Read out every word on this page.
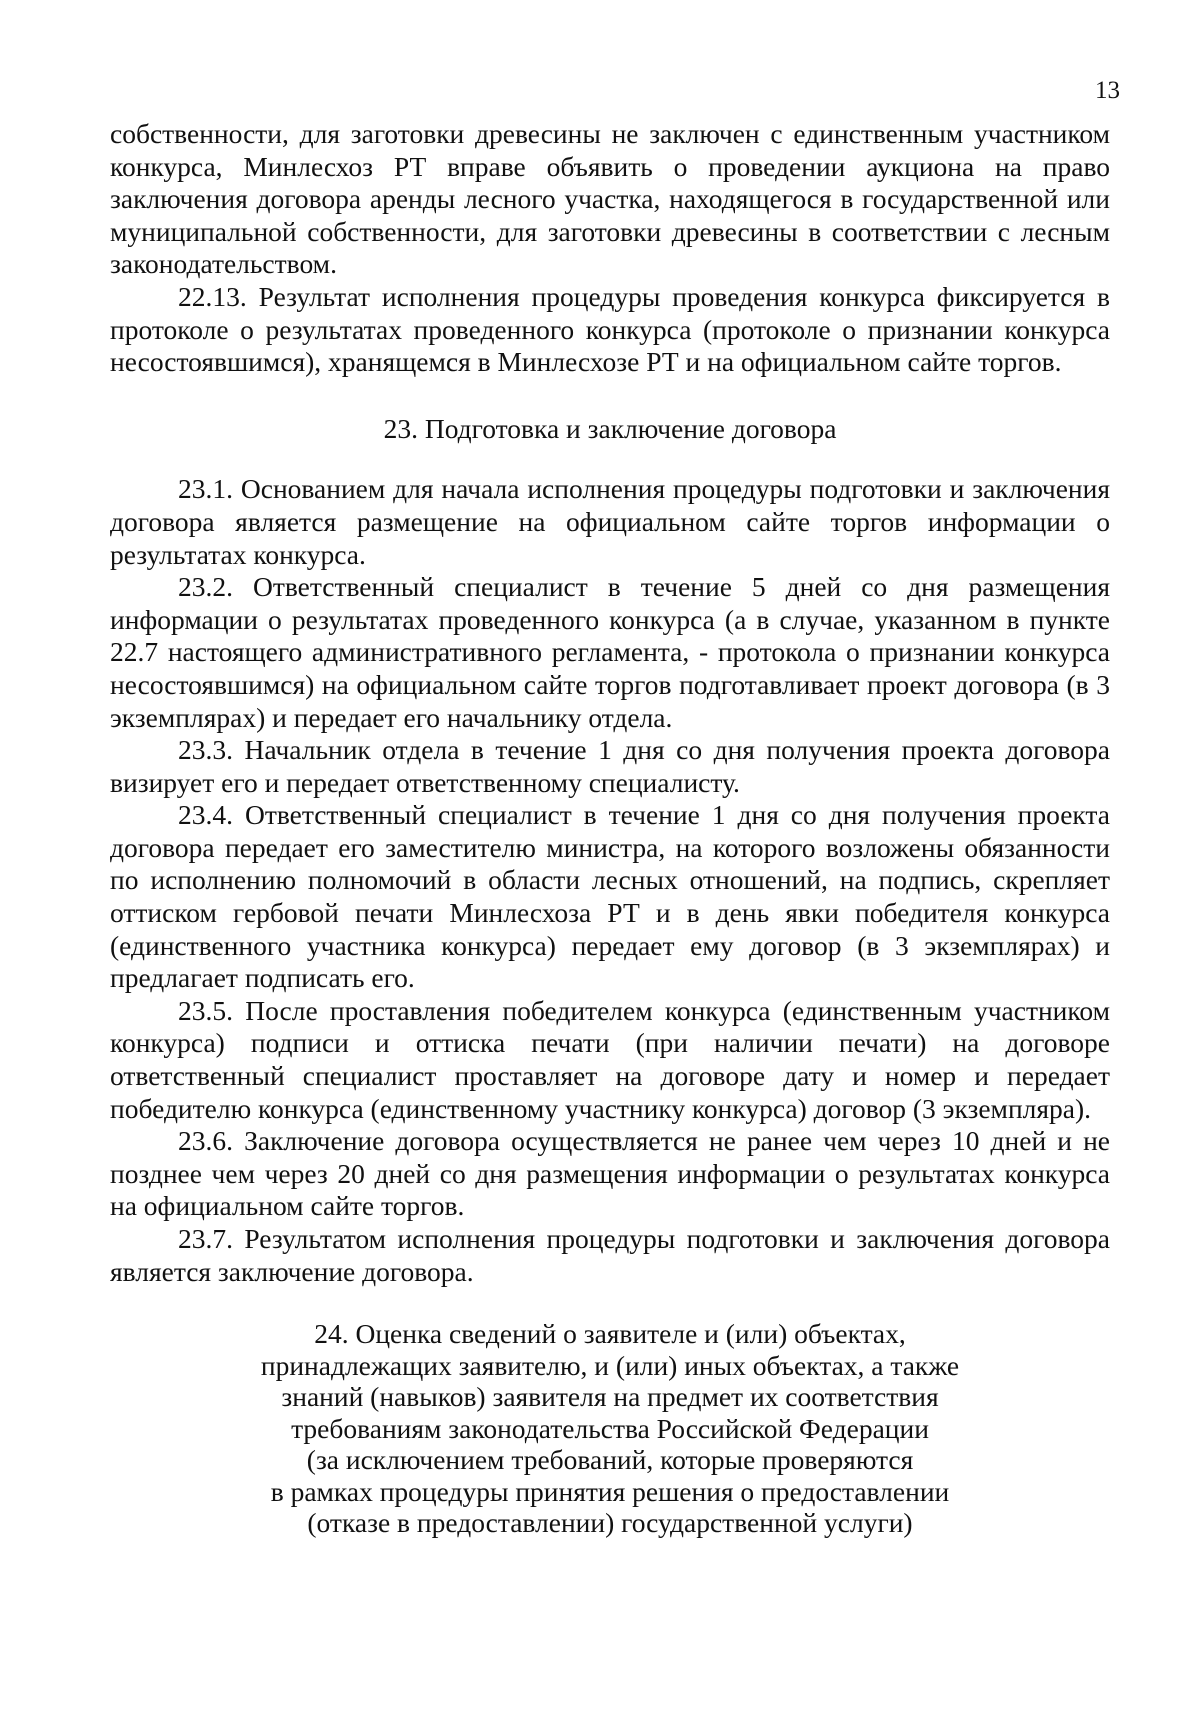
13

собственности, для заготовки древесины не заключен с единственным участником конкурса, Минлесхоз РТ вправе объявить о проведении аукциона на право заключения договора аренды лесного участка, находящегося в государственной или муниципальной собственности, для заготовки древесины в соответствии с лесным законодательством.

22.13. Результат исполнения процедуры проведения конкурса фиксируется в протоколе о результатах проведенного конкурса (протоколе о признании конкурса несостоявшимся), хранящемся в Минлесхозе РТ и на официальном сайте торгов.

23. Подготовка и заключение договора

23.1. Основанием для начала исполнения процедуры подготовки и заключения договора является размещение на официальном сайте торгов информации о результатах конкурса.

23.2. Ответственный специалист в течение 5 дней со дня размещения информации о результатах проведенного конкурса (а в случае, указанном в пункте 22.7 настоящего административного регламента, - протокола о признании конкурса несостоявшимся) на официальном сайте торгов подготавливает проект договора (в 3 экземплярах) и передает его начальнику отдела.

23.3. Начальник отдела в течение 1 дня со дня получения проекта договора визирует его и передает ответственному специалисту.

23.4. Ответственный специалист в течение 1 дня со дня получения проекта договора передает его заместителю министра, на которого возложены обязанности по исполнению полномочий в области лесных отношений, на подпись, скрепляет оттиском гербовой печати Минлесхоза РТ и в день явки победителя конкурса (единственного участника конкурса) передает ему договор (в 3 экземплярах) и предлагает подписать его.

23.5. После проставления победителем конкурса (единственным участником конкурса) подписи и оттиска печати (при наличии печати) на договоре ответственный специалист проставляет на договоре дату и номер и передает победителю конкурса (единственному участнику конкурса) договор (3 экземпляра).

23.6. Заключение договора осуществляется не ранее чем через 10 дней и не позднее чем через 20 дней со дня размещения информации о результатах конкурса на официальном сайте торгов.

23.7. Результатом исполнения процедуры подготовки и заключения договора является заключение договора.

24. Оценка сведений о заявителе и (или) объектах,
принадлежащих заявителю, и (или) иных объектах, а также
знаний (навыков) заявителя на предмет их соответствия
требованиям законодательства Российской Федерации
(за исключением требований, которые проверяются
в рамках процедуры принятия решения о предоставлении
(отказе в предоставлении) государственной услуги)
